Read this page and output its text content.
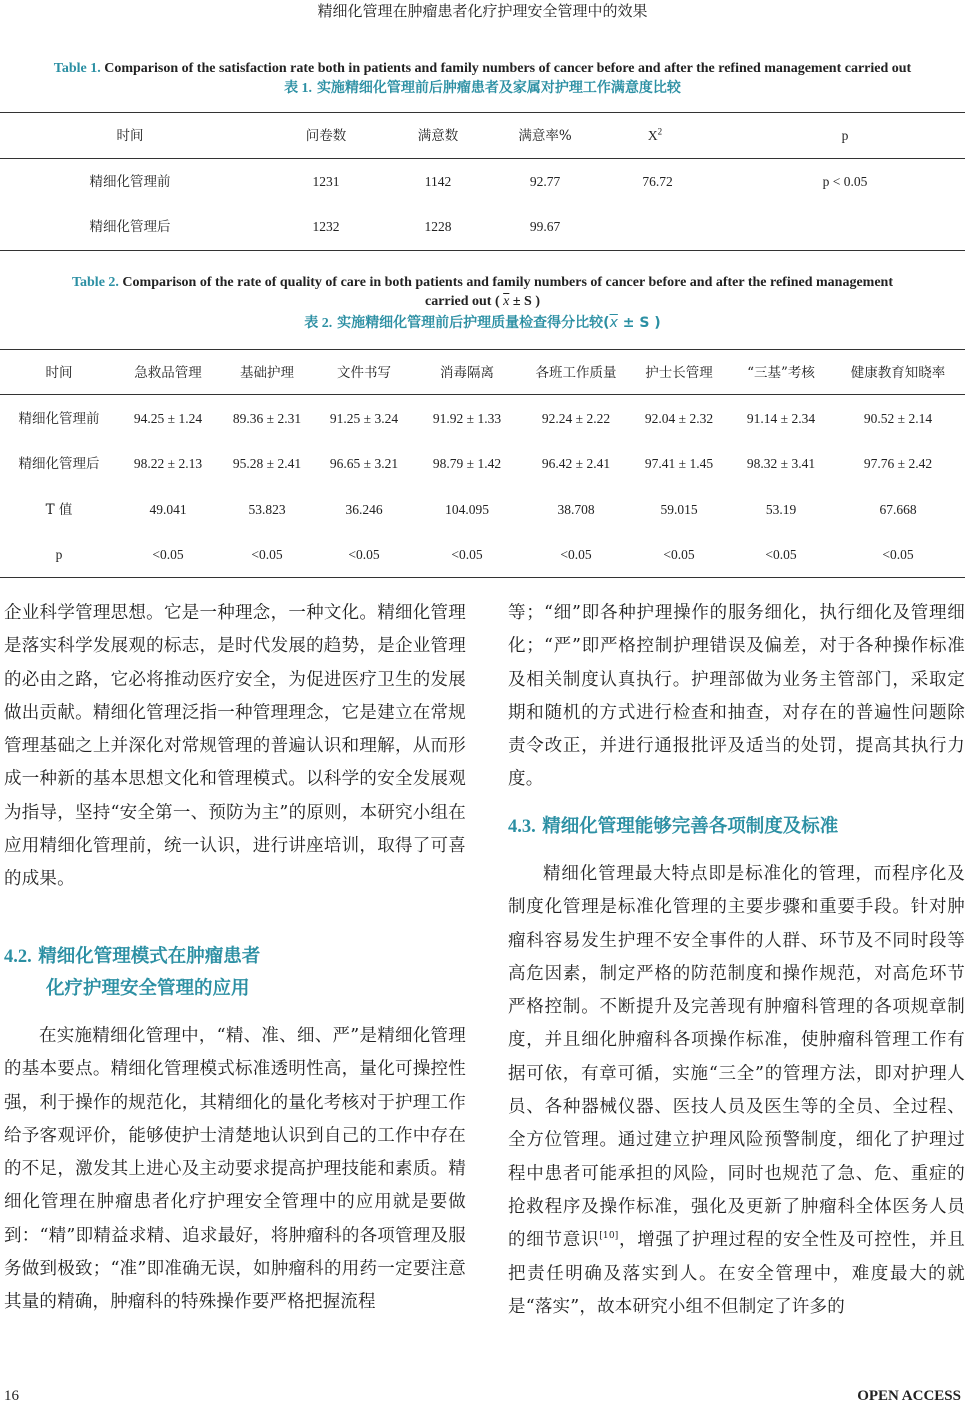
精细化管理在肿瘤患者化疗护理安全管理中的效果
Table 1. Comparison of the satisfaction rate both in patients and family numbers of cancer before and after the refined management carried out
表 1. 实施精细化管理前后肿瘤患者及家属对护理工作满意度比较
时间	问卷数	满意数	满意率%	$X^2$	p
精细化管理前	1231	1142	92.77	76.72	p < 0.05
精细化管理后	1232	1228	99.67
Table 2. Comparison of the rate of quality of care in both patients and family numbers of cancer before and after the refined management
carried out ( $\overline{x} \pm S$ )
表 2. 实施精细化管理前后护理质量检查得分比较($\overline{x} \pm S$ )
时间	急救品管理	基础护理	文件书写	消毒隔离	各班工作质量	护士长管理	“三基”考核	健康教育知晓率
精细化管理前	94.25 ± 1.24	89.36 ± 2.31	91.25 ± 3.24	91.92 ± 1.33	92.24 ± 2.22	92.04 ± 2.32	91.14 ± 2.34	90.52 ± 2.14
精细化管理后	98.22 ± 2.13	95.28 ± 2.41	96.65 ± 3.21	98.79 ± 1.42	96.42 ± 2.41	97.41 ± 1.45	98.32 ± 3.41	97.76 ± 2.42
T 值	49.041	53.823	36.246	104.095	38.708	59.015	53.19	67.668
p	<0.05	<0.05	<0.05	<0.05	<0.05	<0.05	<0.05	<0.05

企业科学管理思想。它是一种理念，一种文化。精细化管理是落实科学发展观的标志，是时代发展的趋势，是企业管理的必由之路，它必将推动医疗安全，为促进医疗卫生的发展做出贡献。精细化管理泛指一种管理理念，它是建立在常规管理基础之上并深化对常规管理的普遍认识和理解，从而形成一种新的基本思想文化和管理模式。以科学的安全发展观为指导，坚持“安全第一、预防为主”的原则，本研究小组在应用精细化管理前，统一认识，进行讲座培训，取得了可喜的成果。

4.2. 精细化管理模式在肿瘤患者
化疗护理安全管理的应用

在实施精细化管理中，“精、准、细、严”是精细化管理的基本要点。精细化管理模式标准透明性高，量化可操控性强，利于操作的规范化，其精细化的量化考核对于护理工作给予客观评价，能够使护士清楚地认识到自己的工作中存在的不足，激发其上进心及主动要求提高护理技能和素质。精细化管理在肿瘤患者化疗护理安全管理中的应用就是要做到：“精”即精益求精、追求最好，将肿瘤科的各项管理及服务做到极致；“准”即准确无误，如肿瘤科的用药一定要注意其量的精确，肿瘤科的特殊操作要严格把握流程

等；“细”即各种护理操作的服务细化，执行细化及管理细化；“严”即严格控制护理错误及偏差，对于各种操作标准及相关制度认真执行。护理部做为业务主管部门，采取定期和随机的方式进行检查和抽查，对存在的普遍性问题除责令改正，并进行通报批评及适当的处罚，提高其执行力度。

4.3. 精细化管理能够完善各项制度及标准

精细化管理最大特点即是标准化的管理，而程序化及制度化管理是标准化管理的主要步骤和重要手段。针对肿瘤科容易发生护理不安全事件的人群、环节及不同时段等高危因素，制定严格的防范制度和操作规范，对高危环节严格控制。不断提升及完善现有肿瘤科管理的各项规章制度，并且细化肿瘤科各项操作标准，使肿瘤科管理工作有据可依，有章可循，实施“三全”的管理方法，即对护理人员、各种器械仪器、医技人员及医生等的全员、全过程、全方位管理。通过建立护理风险预警制度，细化了护理过程中患者可能承担的风险，同时也规范了急、危、重症的抢救程序及操作标准，强化及更新了肿瘤科全体医务人员的细节意识[10]，增强了护理过程的安全性及可控性，并且把责任明确及落实到人。在安全管理中，难度最大的就是“落实”，故本研究小组不但制定了许多的

16	OPEN ACCESS
